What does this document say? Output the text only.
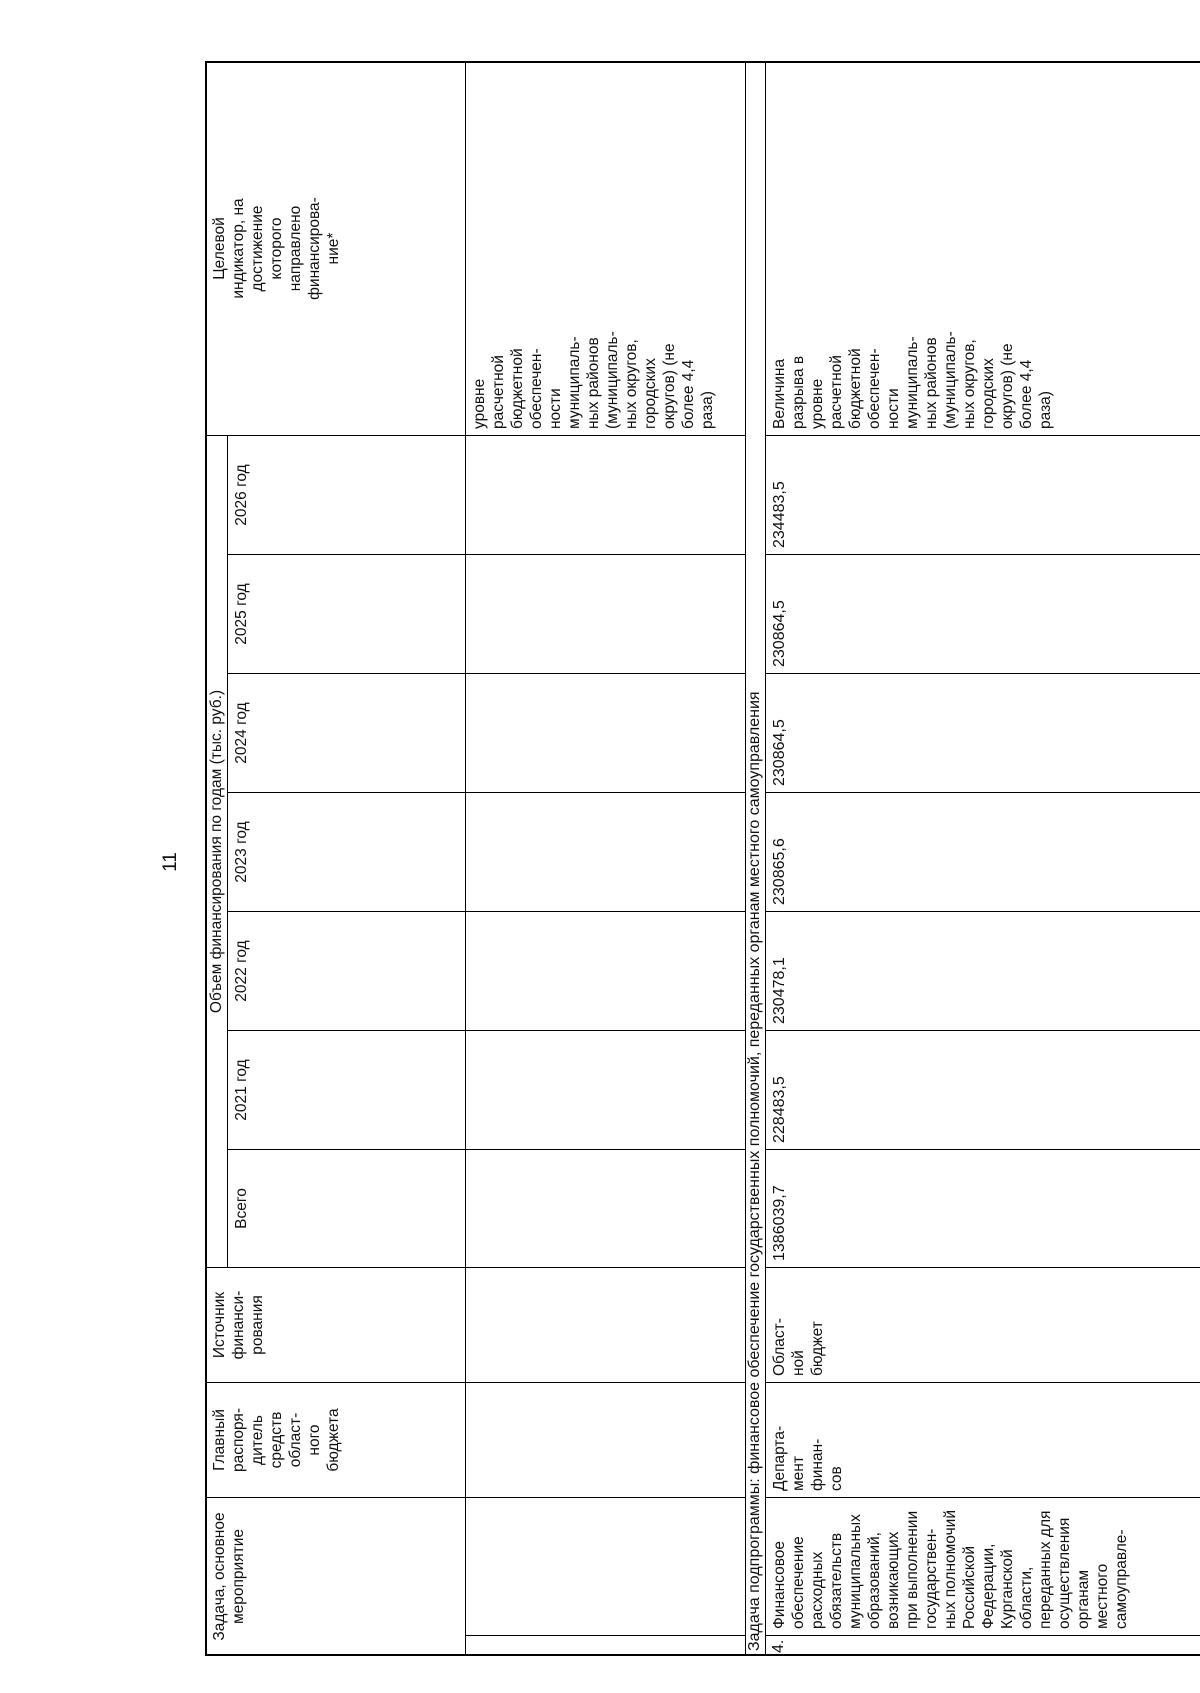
11
Задача, основное
мероприятие
Главный
распоря-
дитель
средств
област-
ного
бюджета
Источник
финанси-
рования
Объем финансирования по годам (тыс. руб.)
Всего
2021 год
2022 год
2023 год
2024 год
2025 год
2026 год
Целевой
индикатор, на
достижение
которого
направлено
финансирова-
ние*

уровне
расчетной
бюджетной
обеспечен-
ности
муниципаль-
ных районов
(муниципаль-
ных округов,
городских
округов) (не
более 4,4
раза)
Задача подпрограммы: финансовое обеспечение государственных полномочий, переданных органам местного самоуправления 4.
Финансовое
обеспечение
расходных
обязательств
муниципальных
образований,
возникающих
при выполнении
государствен-
ных полномочий
Российской
Федерации,
Курганской
области,
переданных для
осуществления
органам
местного
самоуправле-
Департа-
мент
финан-
сов
Област-
ной
бюджет
1386039,7
228483,5
230478,1
230865,6
230864,5
230864,5
234483,5
Величина
разрыва в
уровне
расчетной
бюджетной
обеспечен-
ности
муниципаль-
ных районов
(муниципаль-
ных округов,
городских
округов) (не
более 4,4
раза)
